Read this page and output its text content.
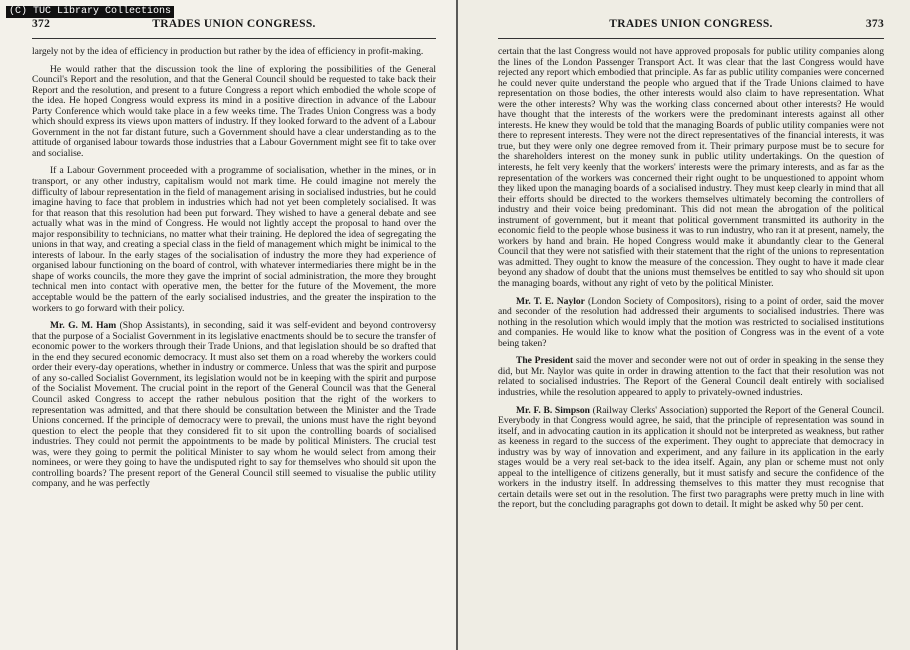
(C) TUC Library Collections
372	TRADES UNION CONGRESS.

largely not by the idea of efficiency in production but rather by the idea of efficiency in profit-making.

He would rather that the discussion took the line of exploring the possibilities of the General Council's Report and the resolution, and that the General Council should be requested to take back their Report and the resolution, and present to a future Congress a report which embodied the whole scope of the idea. He hoped Congress would express its mind in a positive direction in advance of the Labour Party Conference which would take place in a few weeks time. The Trades Union Congress was a body which should express its views upon matters of industry. If they looked forward to the advent of a Labour Government in the not far distant future, such a Government should have a clear understanding as to the attitude of organised labour towards those industries that a Labour Government might see fit to take over and socialise.

If a Labour Government proceeded with a programme of socialisation, whether in the mines, or in transport, or any other industry, capitalism would not mark time. He could imagine not merely the difficulty of labour representation in the field of management arising in socialised industries, but he could imagine having to face that problem in industries which had not yet been completely socialised. It was for that reason that this resolution had been put forward. They wished to have a general debate and see actually what was in the mind of Congress. He would not lightly accept the proposal to hand over the major responsibility to technicians, no matter what their training. He deplored the idea of segregating the unions in that way, and creating a special class in the field of management which might be inimical to the interests of labour. In the early stages of the socialisation of industry the more they had experience of organised labour functioning on the board of control, with whatever intermediaries there might be in the shape of works councils, the more they gave the imprint of social administration, the more they brought technical men into contact with operative men, the better for the future of the Movement, the more acceptable would be the pattern of the early socialised industries, and the greater the inspiration to the workers to go forward with their policy.

Mr. G. M. Ham (Shop Assistants), in seconding, said it was self-evident and beyond controversy that the purpose of a Socialist Government in its legislative enactments should be to secure the transfer of economic power to the workers through their Trade Unions, and that legislation should be so drafted that in the end they secured economic democracy. It must also set them on a road whereby the workers could order their every-day operations, whether in industry or commerce. Unless that was the spirit and purpose of any so-called Socialist Government, its legislation would not be in keeping with the spirit and purpose of the Socialist Movement. The crucial point in the report of the General Council was that the General Council asked Congress to accept the rather nebulous position that the right of the workers to representation was admitted, and that there should be consultation between the Minister and the Trade Unions concerned. If the principle of democracy were to prevail, the unions must have the right beyond question to elect the people that they considered fit to sit upon the controlling boards of socialised industries. They could not permit the appointments to be made by political Ministers. The crucial test was, were they going to permit the political Minister to say whom he would select from among their nominees, or were they going to have the undisputed right to say for themselves who should sit upon the controlling boards? The present report of the General Council still seemed to visualise the public utility company, and he was perfectly

TRADES UNION CONGRESS.	373

certain that the last Congress would not have approved proposals for public utility companies along the lines of the London Passenger Transport Act. It was clear that the last Congress would have rejected any report which embodied that principle. As far as public utility companies were concerned he could never quite understand the people who argued that if the Trade Unions claimed to have representation on those bodies, the other interests would also claim to have representation. What were the other interests? Why was the working class concerned about other interests? He would have thought that the interests of the workers were the predominant interests against all other interests. He knew they would be told that the managing Boards of public utility companies were not there to represent interests. They were not the direct representatives of the financial interests, it was true, but they were only one degree removed from it. Their primary purpose must be to secure for the shareholders interest on the money sunk in public utility undertakings. On the question of interests, he felt very keenly that the workers' interests were the primary interests, and as far as the representation of the workers was concerned their right ought to be unquestioned to appoint whom they liked upon the managing boards of a socialised industry. They must keep clearly in mind that all their efforts should be directed to the workers themselves ultimately becoming the controllers of industry and their voice being predominant. This did not mean the abrogation of the political instrument of government, but it meant that political government transmitted its authority in the economic field to the people whose business it was to run industry, who ran it at present, namely, the workers by hand and brain. He hoped Congress would make it abundantly clear to the General Council that they were not satisfied with their statement that the right of the unions to representation was admitted. They ought to know the measure of the concession. They ought to have it made clear beyond any shadow of doubt that the unions must themselves be entitled to say who should sit upon the managing boards, without any right of veto by the political Minister.

Mr. T. E. Naylor (London Society of Compositors), rising to a point of order, said the mover and seconder of the resolution had addressed their arguments to socialised industries. There was nothing in the resolution which would imply that the motion was restricted to socialised institutions and companies. He would like to know what the position of Congress was in the event of a vote being taken?

The President said the mover and seconder were not out of order in speaking in the sense they did, but Mr. Naylor was quite in order in drawing attention to the fact that their resolution was not related to socialised industries. The Report of the General Council dealt entirely with socialised industries, while the resolution appeared to apply to privately-owned industries.

Mr. F. B. Simpson (Railway Clerks' Association) supported the Report of the General Council. Everybody in that Congress would agree, he said, that the principle of representation was sound in itself, and in advocating caution in its application it should not be interpreted as weakness, but rather as keeness in regard to the success of the experiment. They ought to appreciate that democracy in industry was by way of innovation and experiment, and any failure in its application in the early stages would be a very real set-back to the idea itself. Again, any plan or scheme must not only appeal to the intelligence of citizens generally, but it must satisfy and secure the confidence of the workers in the industry itself. In addressing themselves to this matter they must recognise that certain details were set out in the resolution. The first two paragraphs were pretty much in line with the report, but the concluding paragraphs got down to detail. It might be asked why 50 per cent.
